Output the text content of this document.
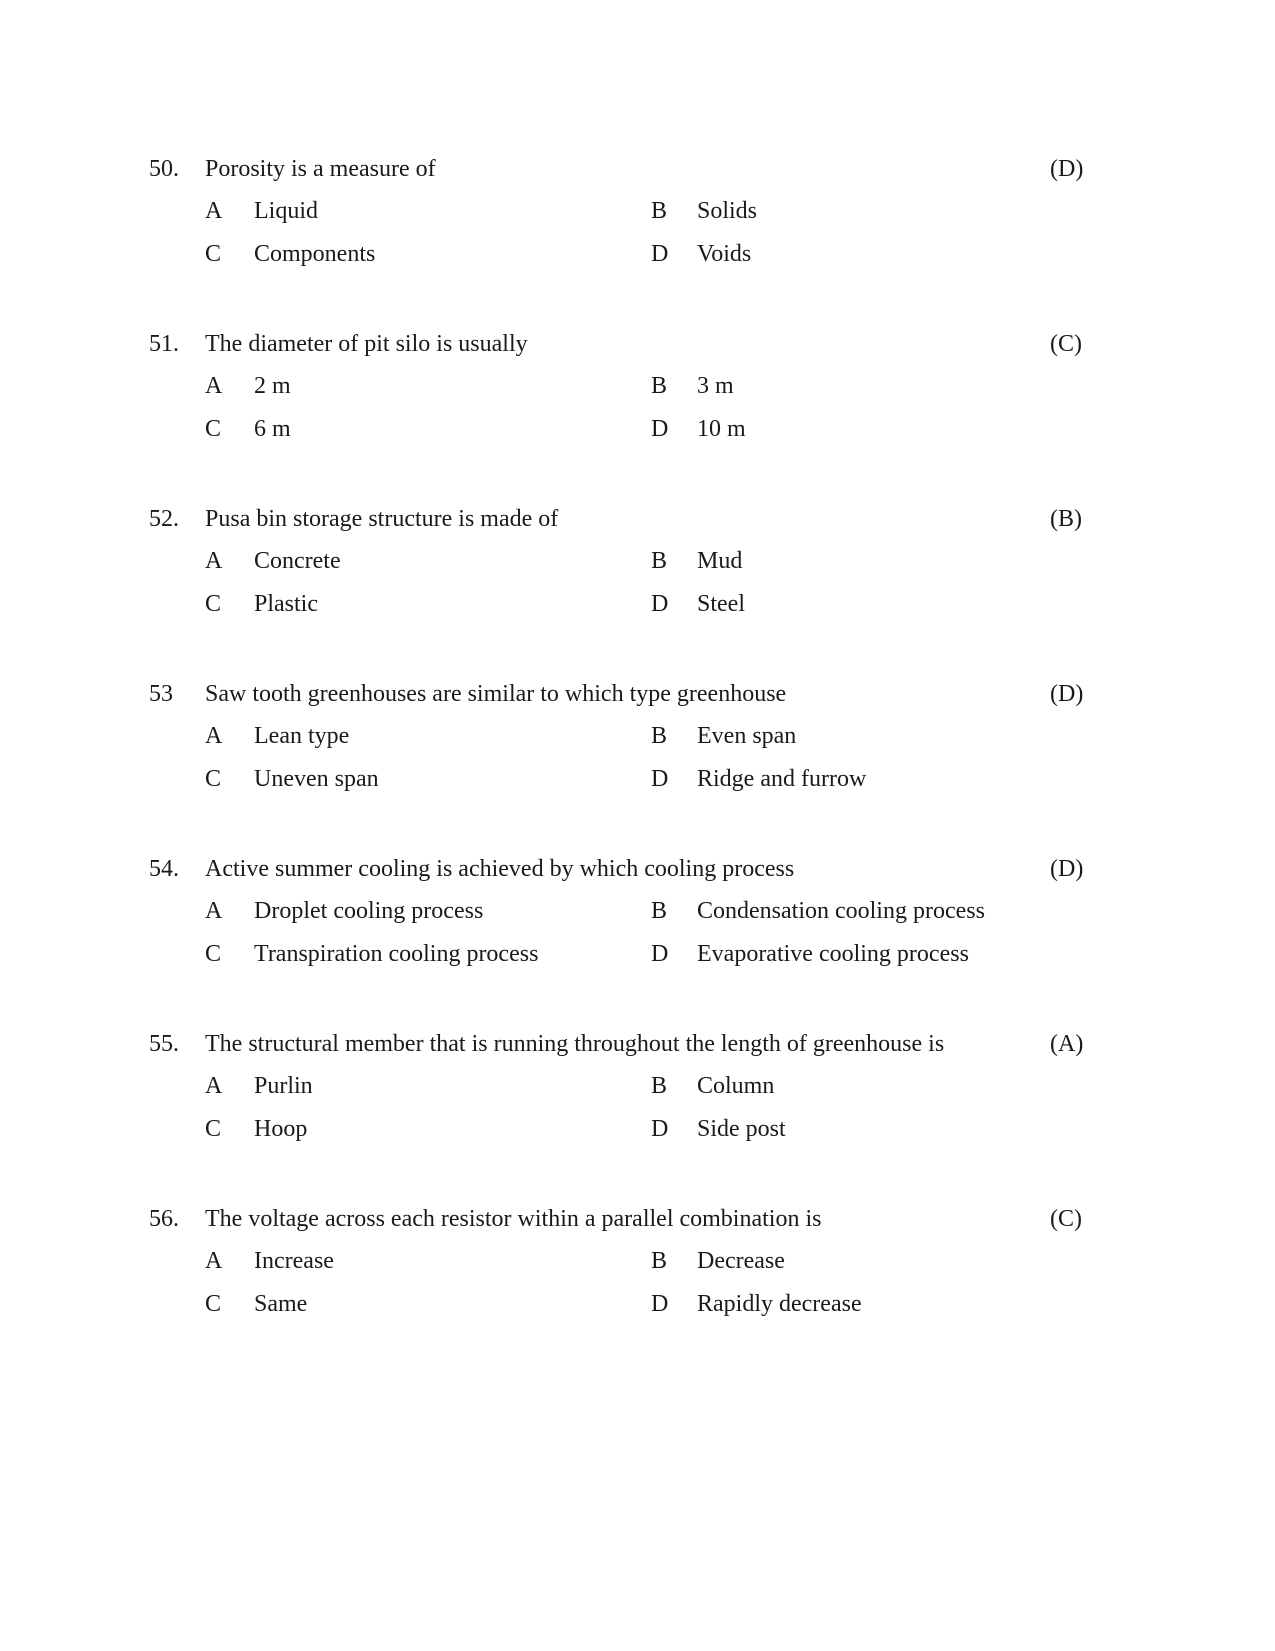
50. Porosity is a measure of	(D)
A Liquid	B Solids
C Components	D Voids
51. The diameter of pit silo is usually	(C)
A 2 m	B 3 m
C 6 m	D 10 m
52. Pusa bin storage structure is made of	(B)
A Concrete	B Mud
C Plastic	D Steel
53 Saw tooth greenhouses are similar to which type greenhouse	(D)
A Lean type	B Even span
C Uneven span	D Ridge and furrow
54. Active summer cooling is achieved by which cooling process	(D)
A Droplet cooling process	B Condensation cooling process
C Transpiration cooling process	D Evaporative cooling process
55. The structural member that is running throughout the length of greenhouse is	(A)
A Purlin	B Column
C Hoop	D Side post
56. The voltage across each resistor within a parallel combination is	(C)
A Increase	B Decrease
C Same	D Rapidly decrease
